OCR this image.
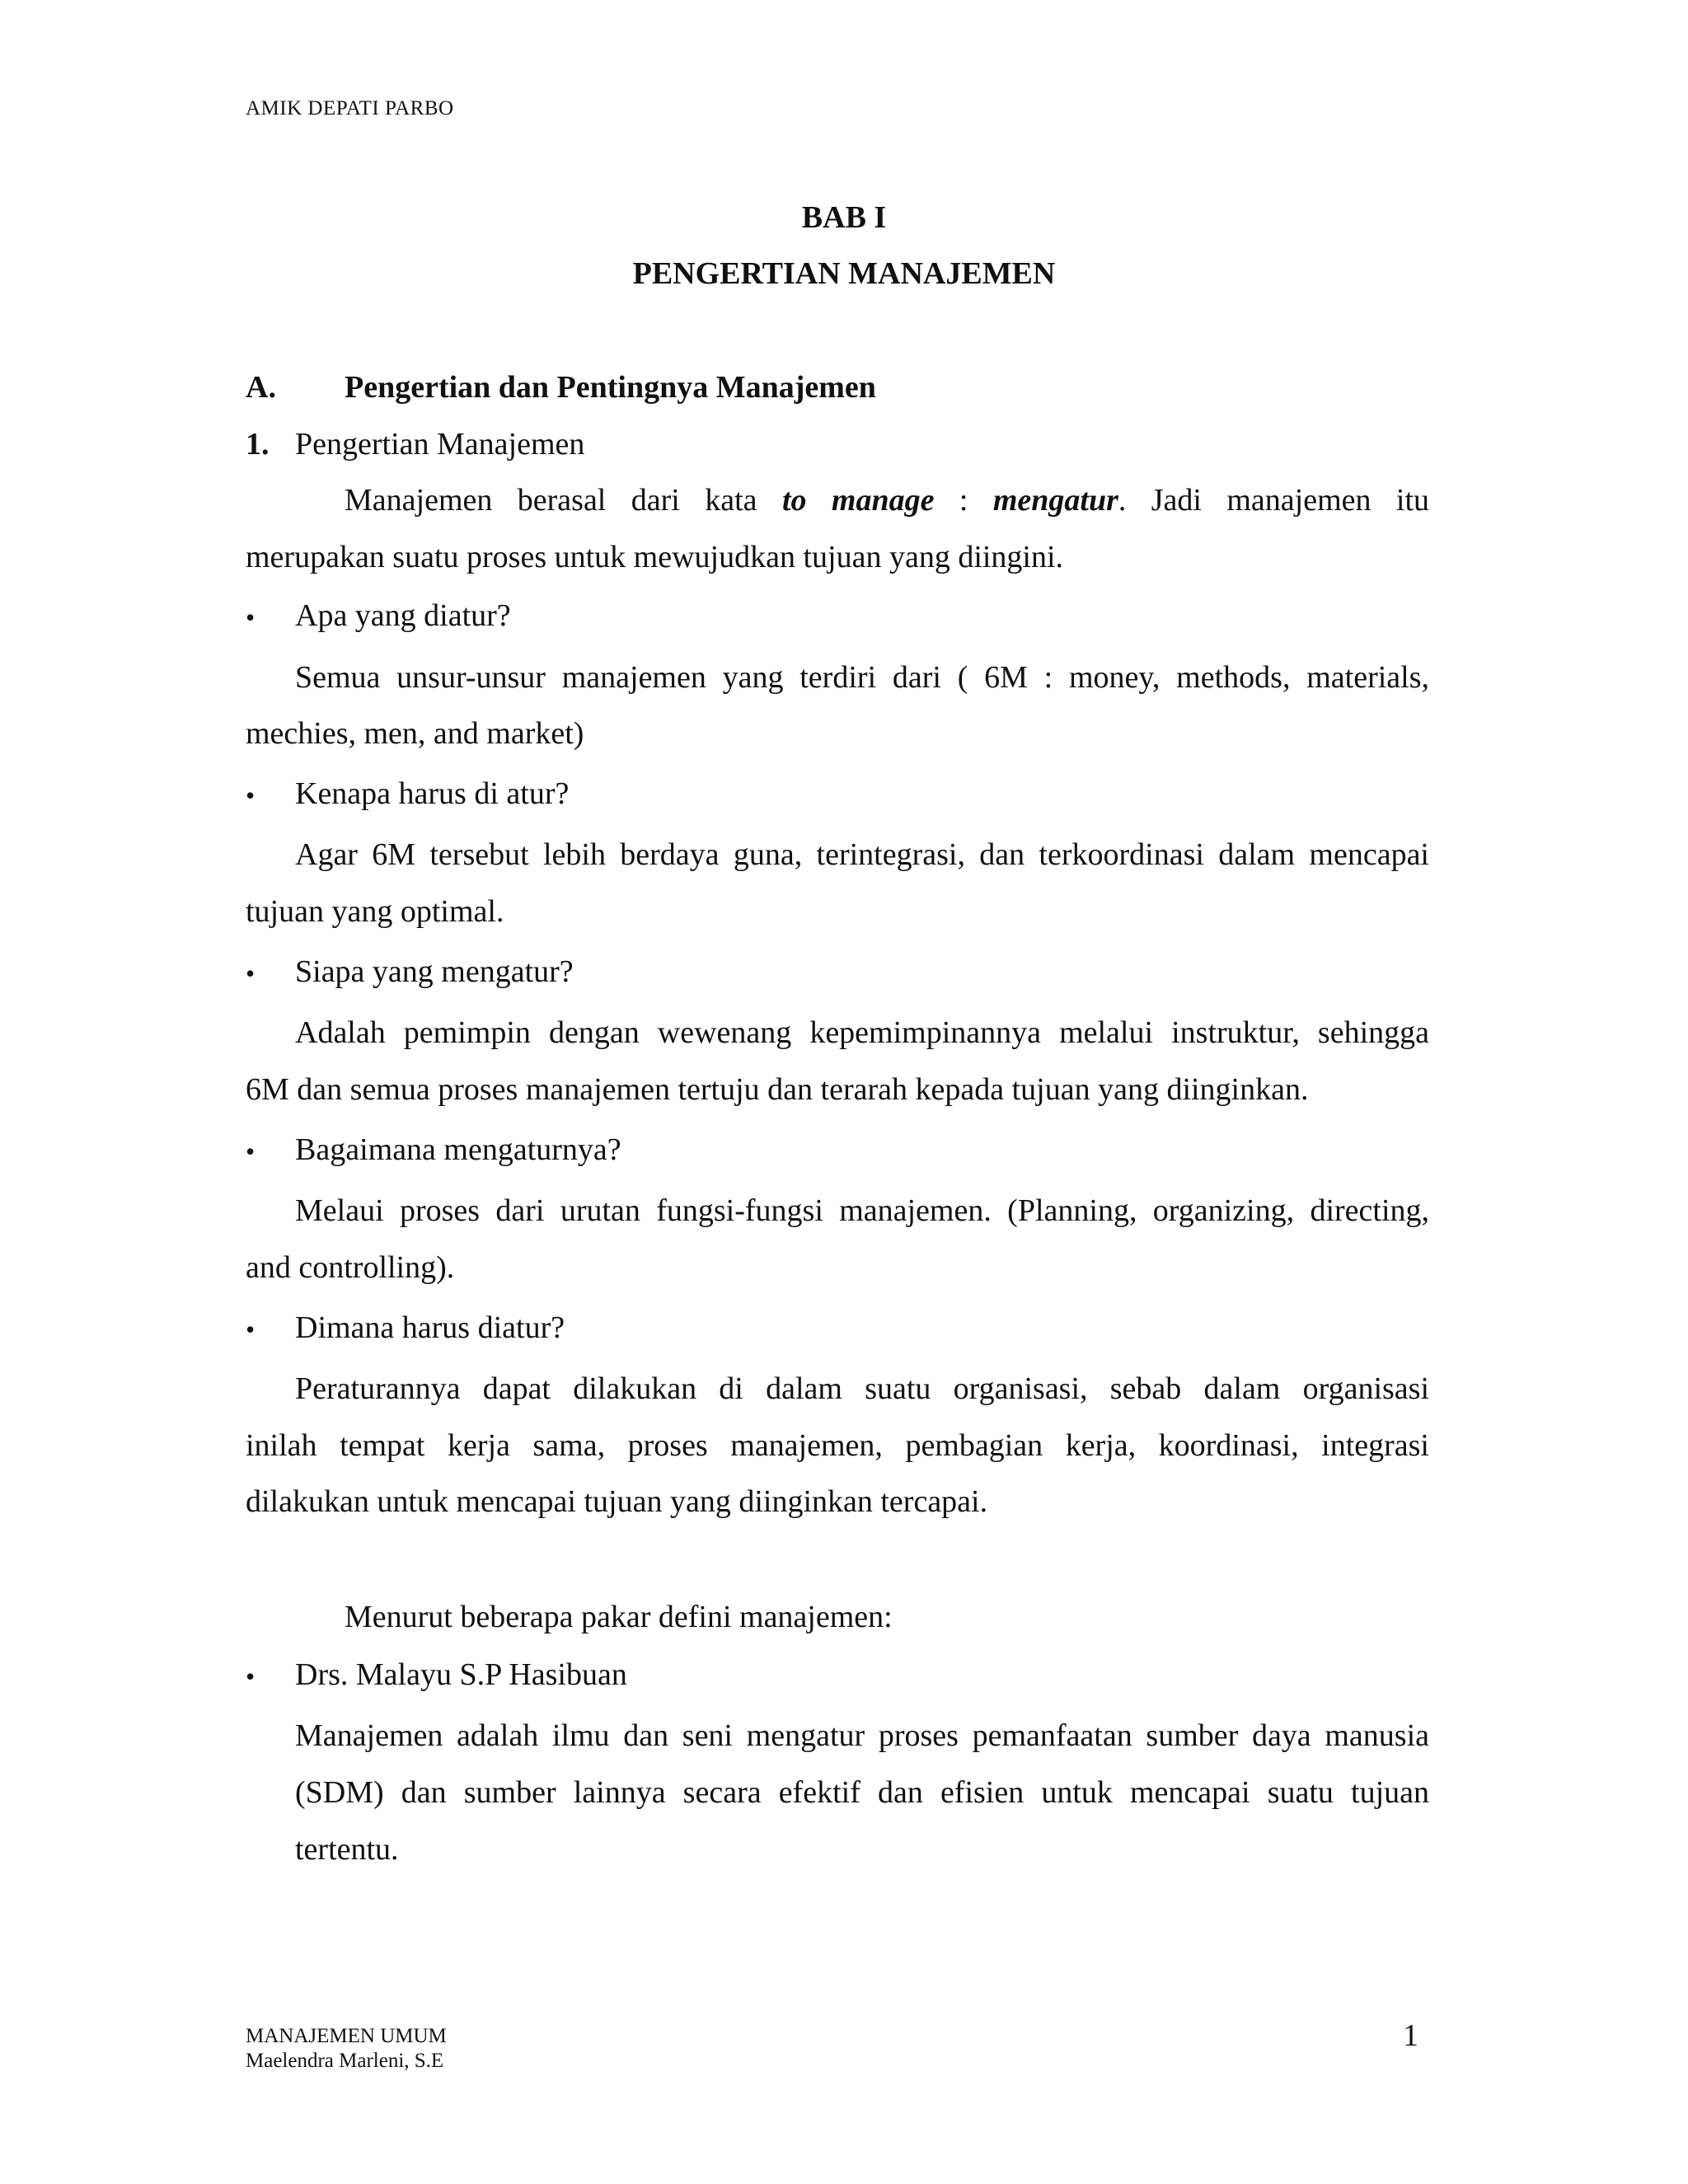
AMIK DEPATI PARBO
BAB I
PENGERTIAN MANAJEMEN
A. Pengertian dan Pentingnya Manajemen
1. Pengertian Manajemen
Manajemen berasal dari kata to manage : mengatur. Jadi manajemen itu
merupakan suatu proses untuk mewujudkan tujuan yang diingini.
• Apa yang diatur?
Semua unsur-unsur manajemen yang terdiri dari ( 6M : money, methods, materials,
mechies, men, and market)
• Kenapa harus di atur?
Agar 6M tersebut lebih berdaya guna, terintegrasi, dan terkoordinasi dalam mencapai
tujuan yang optimal.
• Siapa yang mengatur?
Adalah pemimpin dengan wewenang kepemimpinannya melalui instruktur, sehingga
6M dan semua proses manajemen tertuju dan terarah kepada tujuan yang diinginkan.
• Bagaimana mengaturnya?
Melaui proses dari urutan fungsi-fungsi manajemen. (Planning, organizing, directing,
and controlling).
• Dimana harus diatur?
Peraturannya dapat dilakukan di dalam suatu organisasi, sebab dalam organisasi
inilah tempat kerja sama, proses manajemen, pembagian kerja, koordinasi, integrasi
dilakukan untuk mencapai tujuan yang diinginkan tercapai.
Menurut beberapa pakar defini manajemen:
• Drs. Malayu S.P Hasibuan
Manajemen adalah ilmu dan seni mengatur proses pemanfaatan sumber daya manusia
(SDM) dan sumber lainnya secara efektif dan efisien untuk mencapai suatu tujuan
tertentu.
MANAJEMEN UMUM
Maelendra Marleni, S.E
1
